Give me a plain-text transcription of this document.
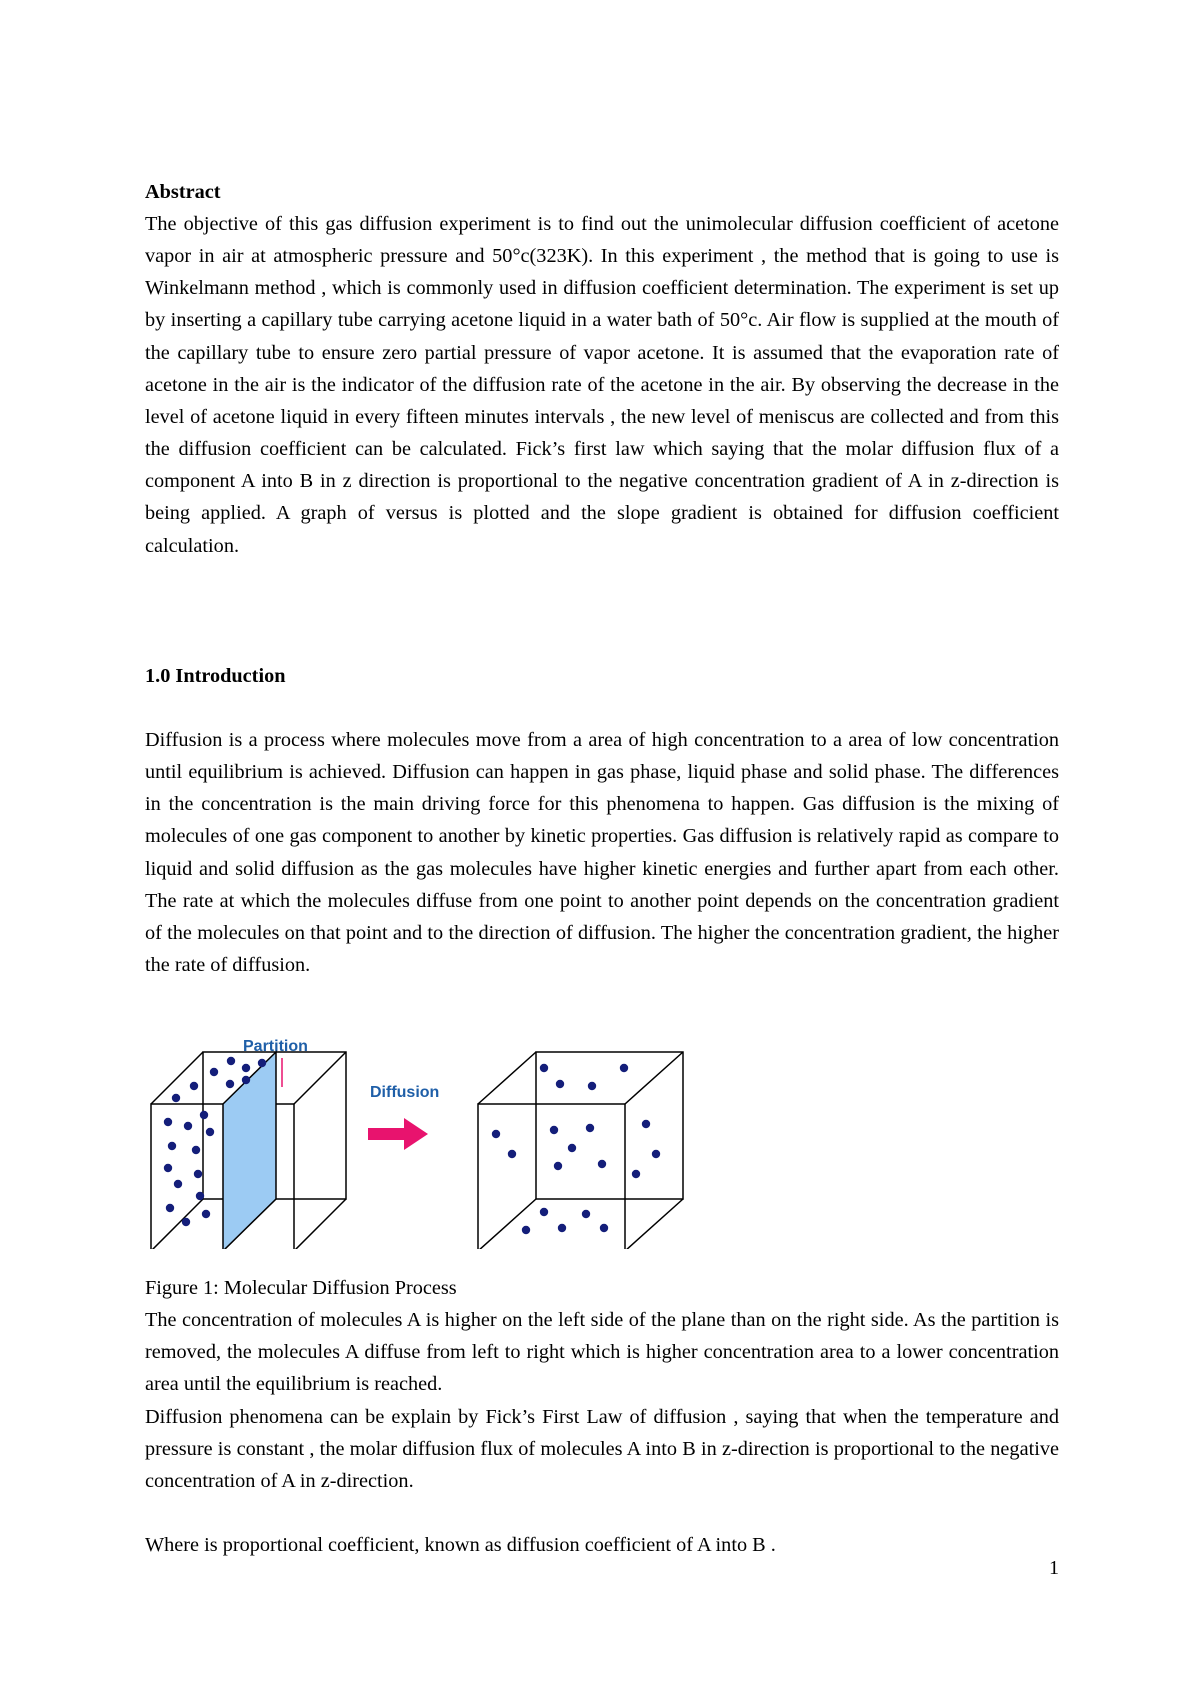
Abstract

The objective of this gas diffusion experiment is to find out the unimolecular diffusion coefficient of acetone vapor in air at atmospheric pressure and 50°c(323K). In this experiment , the method that is going to use is Winkelmann method , which is commonly used in diffusion coefficient determination. The experiment is set up by inserting a capillary tube carrying acetone liquid in a water bath of 50°c. Air flow is supplied at the mouth of the capillary tube to ensure zero partial pressure of vapor acetone. It is assumed that the evaporation rate of acetone in the air is the indicator of the diffusion rate of the acetone in the air. By observing the decrease in the level of acetone liquid in every fifteen minutes intervals , the new level of meniscus are collected and from this the diffusion coefficient can be calculated. Fick’s first law which saying that the molar diffusion flux of a component A into B in z direction is proportional to the negative concentration gradient of A in z-direction is being applied. A graph of versus is plotted and the slope gradient is obtained for diffusion coefficient calculation.

1.0 Introduction

Diffusion is a process where molecules move from a area of high concentration to a area of low concentration until equilibrium is achieved. Diffusion can happen in gas phase, liquid phase and solid phase. The differences in the concentration is the main driving force for this phenomena to happen. Gas diffusion is the mixing of molecules of one gas component to another by kinetic properties. Gas diffusion is relatively rapid as compare to liquid and solid diffusion as the gas molecules have higher kinetic energies and further apart from each other. The rate at which the molecules diffuse from one point to another point depends on the concentration gradient of the molecules on that point and to the direction of diffusion. The higher the concentration gradient, the higher the rate of diffusion.

Partition
Diffusion

Figure 1: Molecular Diffusion Process

The concentration of molecules A is higher on the left side of the plane than on the right side. As the partition is removed, the molecules A diffuse from left to right which is higher concentration area to a lower concentration area until the equilibrium is reached.

Diffusion phenomena can be explain by Fick’s First Law of diffusion , saying that when the temperature and pressure is constant , the molar diffusion flux of molecules A into B in z-direction is proportional to the negative concentration of A in z-direction.

Where is proportional coefficient, known as diffusion coefficient of A into B .

1
